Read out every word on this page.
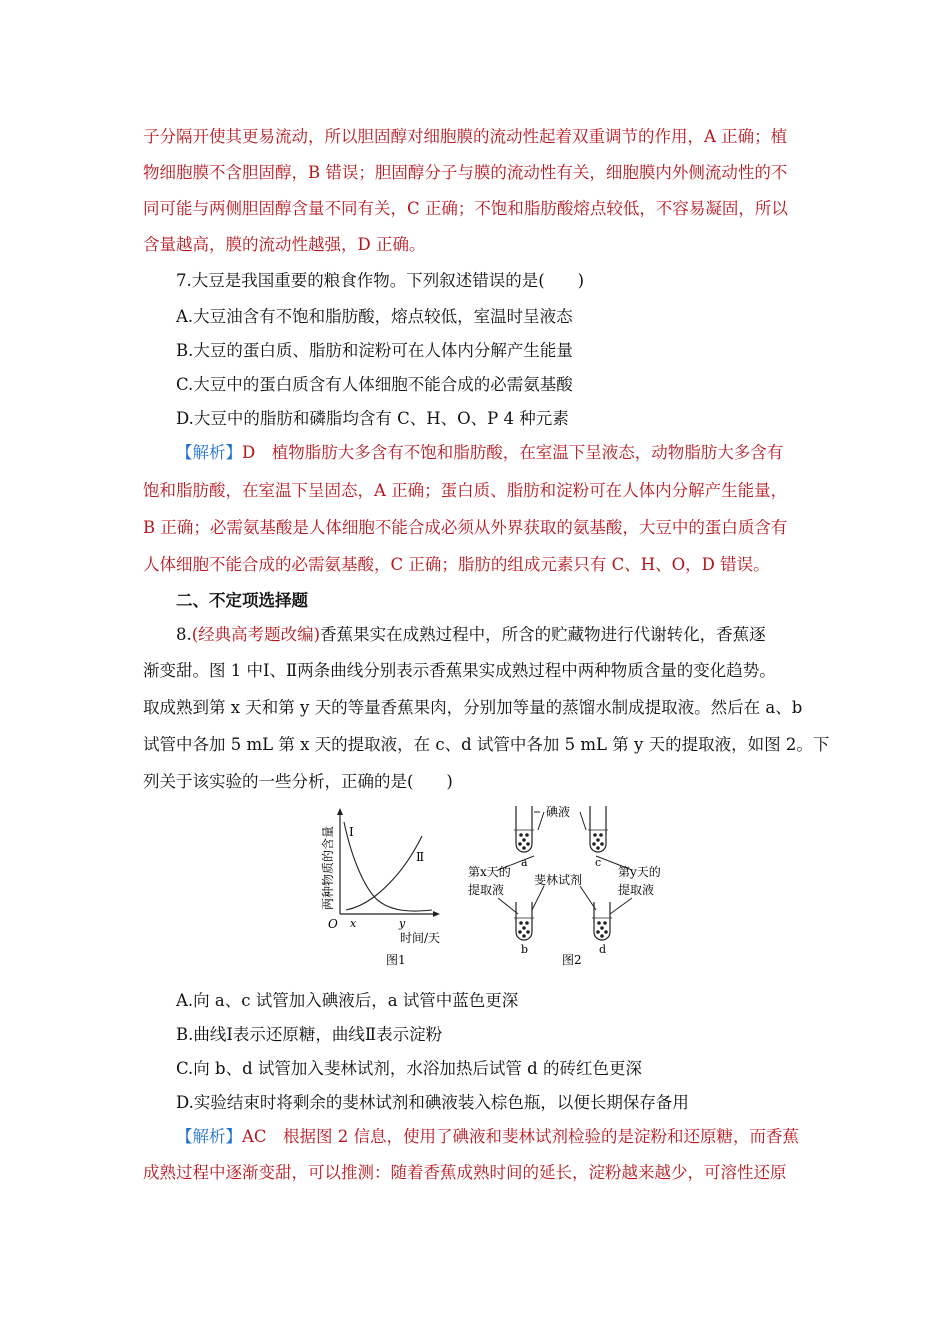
子分隔开使其更易流动，所以胆固醇对细胞膜的流动性起着双重调节的作用，A 正确；植
物细胞膜不含胆固醇，B 错误；胆固醇分子与膜的流动性有关，细胞膜内外侧流动性的不
同可能与两侧胆固醇含量不同有关，C 正确；不饱和脂肪酸熔点较低，不容易凝固，所以
含量越高，膜的流动性越强，D 正确。
7.大豆是我国重要的粮食作物。下列叙述错误的是(　　)
A.大豆油含有不饱和脂肪酸，熔点较低，室温时呈液态
B.大豆的蛋白质、脂肪和淀粉可在人体内分解产生能量
C.大豆中的蛋白质含有人体细胞不能合成的必需氨基酸
D.大豆中的脂肪和磷脂均含有 C、H、O、P 4 种元素
【解析】D　植物脂肪大多含有不饱和脂肪酸，在室温下呈液态，动物脂肪大多含有
饱和脂肪酸，在室温下呈固态，A 正确；蛋白质、脂肪和淀粉可在人体内分解产生能量，
B 正确；必需氨基酸是人体细胞不能合成必须从外界获取的氨基酸，大豆中的蛋白质含有
人体细胞不能合成的必需氨基酸，C 正确；脂肪的组成元素只有 C、H、O，D 错误。
二、不定项选择题
8.(经典高考题改编)香蕉果实在成熟过程中，所含的贮藏物进行代谢转化，香蕉逐
渐变甜。图 1 中Ⅰ、Ⅱ两条曲线分别表示香蕉果实成熟过程中两种物质含量的变化趋势。
取成熟到第 x 天和第 y 天的等量香蕉果肉，分别加等量的蒸馏水制成提取液。然后在 a、b
试管中各加 5 mL 第 x 天的提取液，在 c、d 试管中各加 5 mL 第 y 天的提取液，如图 2。下
列关于该实验的一些分析，正确的是(　　)
Ⅰ
Ⅱ
O x	y
时间/天
两种物质的含量
图1
a	c
b	d
碘液
斐林试剂
第x天的
提取液
第y天的
提取液
图2
A.向 a、c 试管加入碘液后，a 试管中蓝色更深
B.曲线Ⅰ表示还原糖，曲线Ⅱ表示淀粉
C.向 b、d 试管加入斐林试剂，水浴加热后试管 d 的砖红色更深
D.实验结束时将剩余的斐林试剂和碘液装入棕色瓶，以便长期保存备用
【解析】AC　根据图 2 信息，使用了碘液和斐林试剂检验的是淀粉和还原糖，而香蕉
成熟过程中逐渐变甜，可以推测：随着香蕉成熟时间的延长，淀粉越来越少，可溶性还原
